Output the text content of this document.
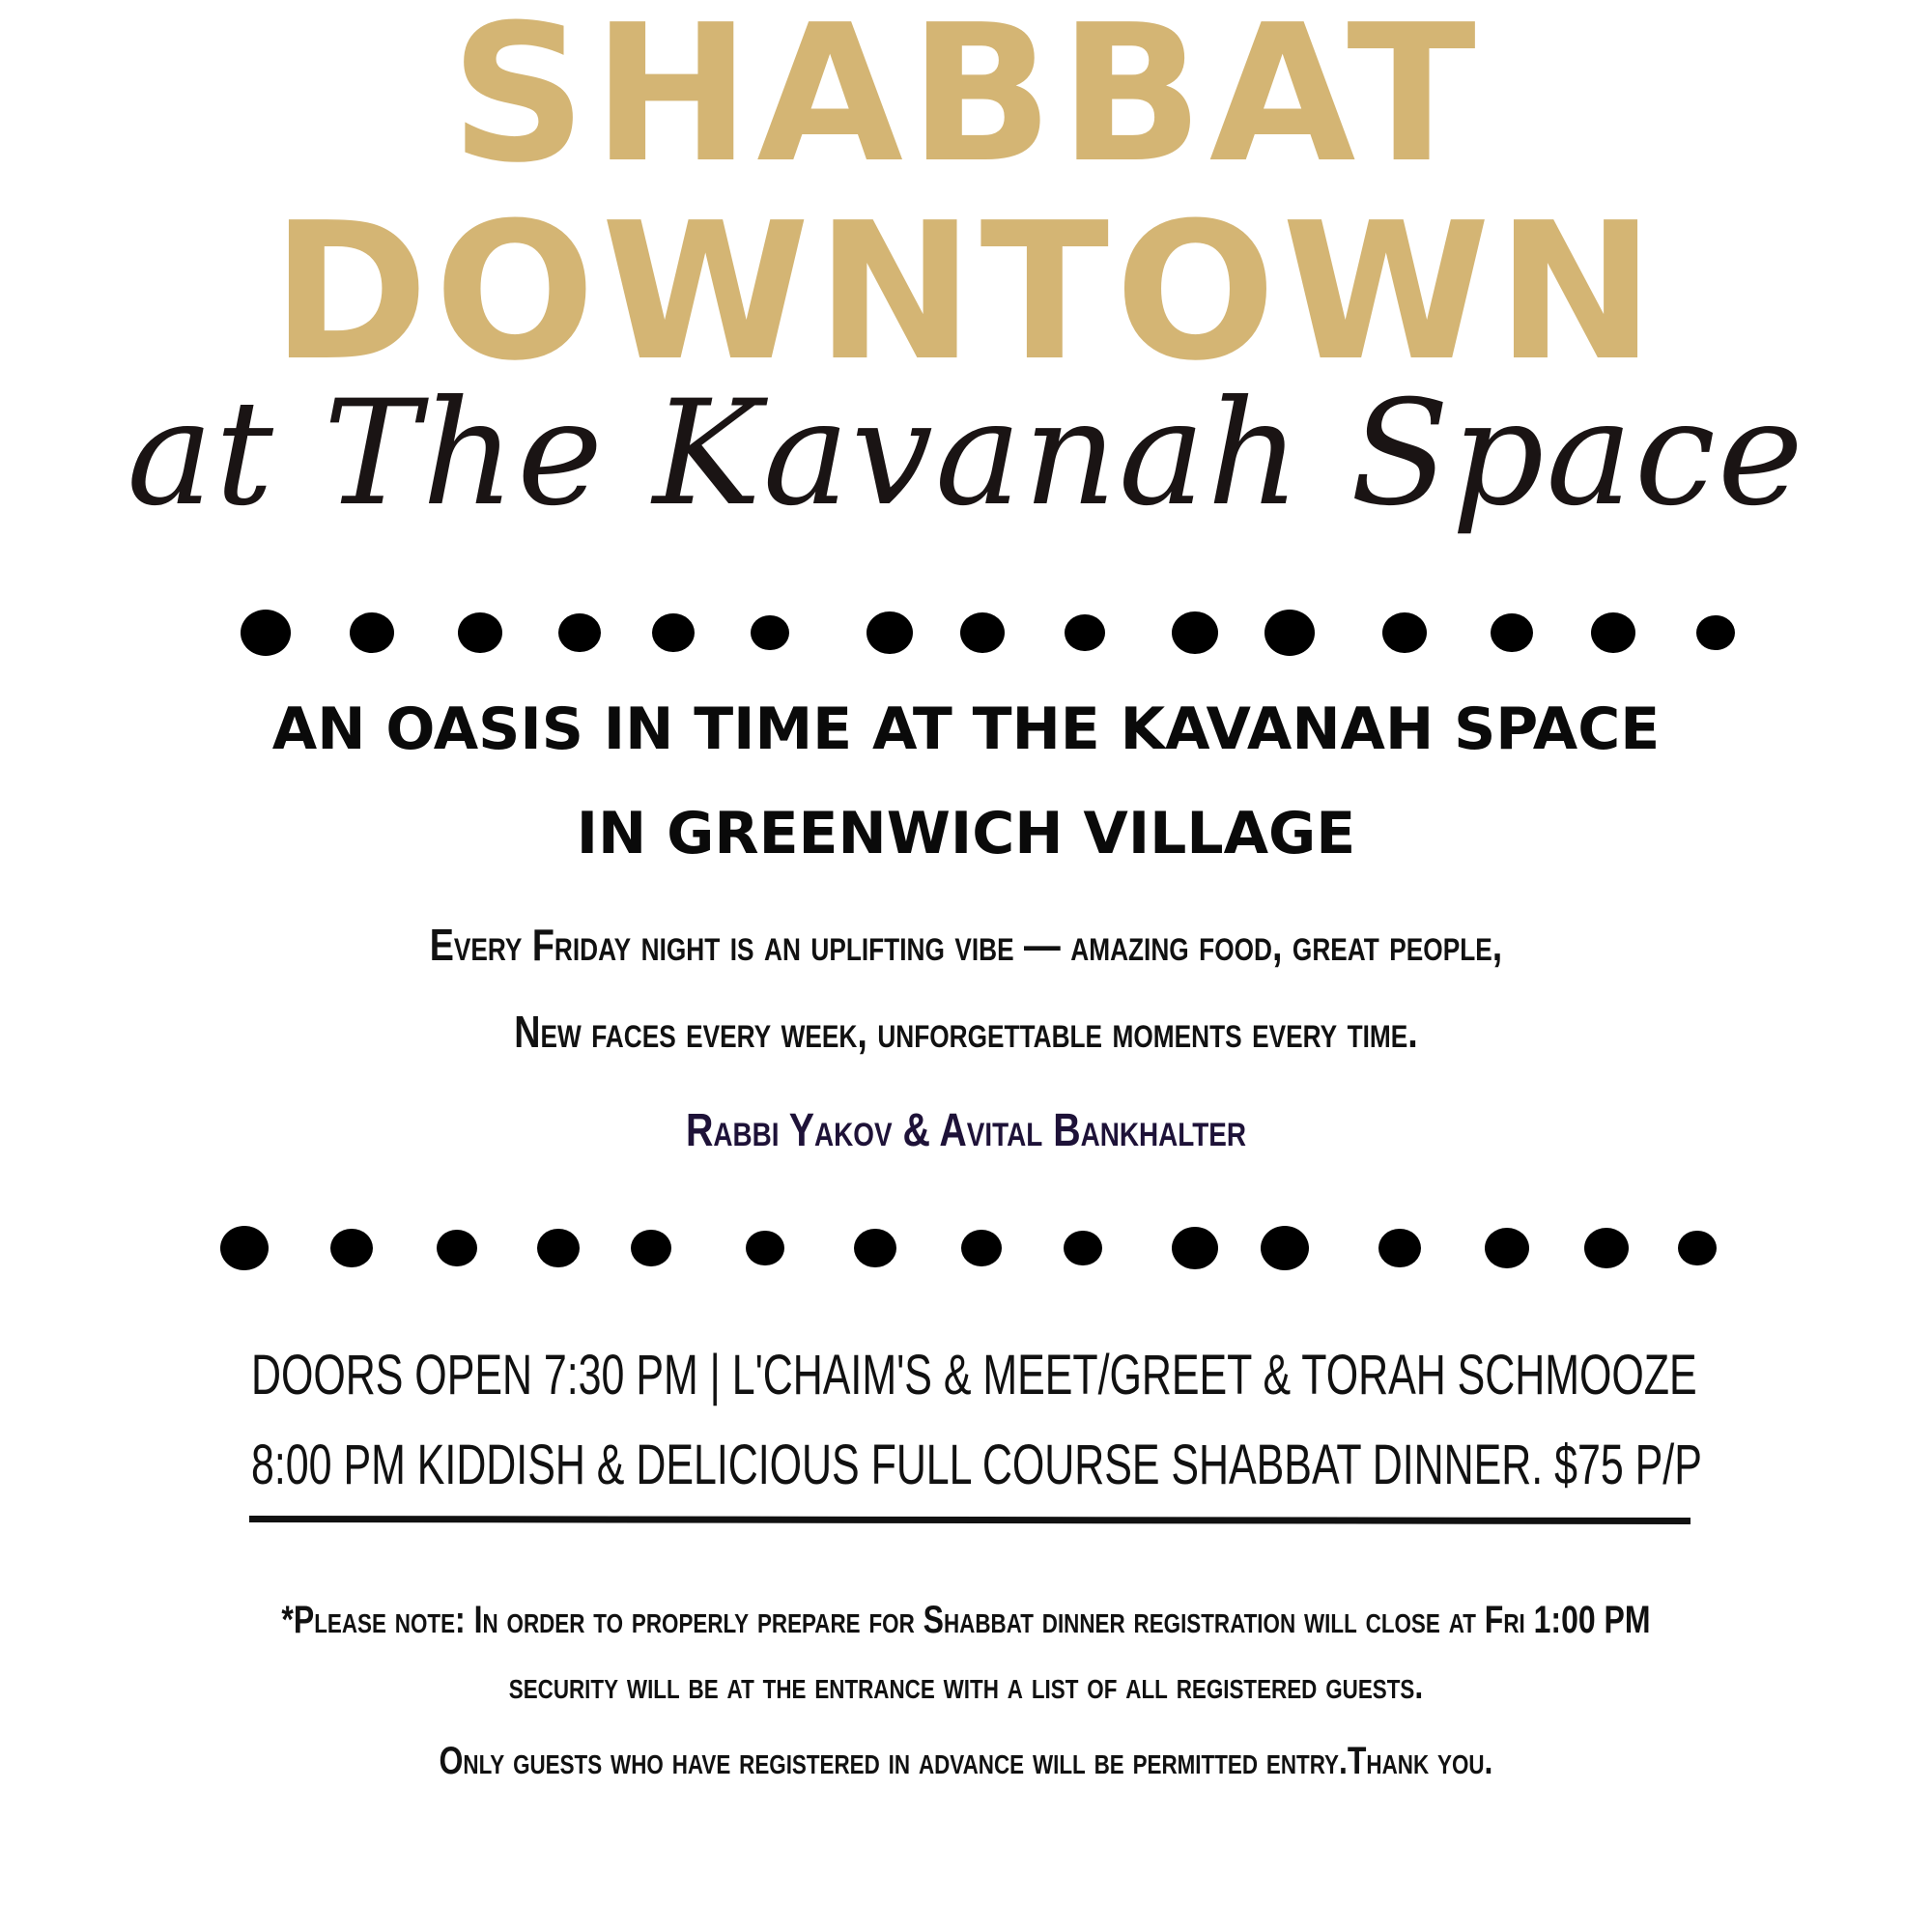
SHABBAT
DOWNTOWN
at The Kavanah Space
AN OASIS IN TIME AT THE KAVANAH SPACE
IN GREENWICH VILLAGE
Every Friday night is an uplifting vibe — amazing food, great people,
New faces every week, unforgettable moments every time.
Rabbi Yakov & Avital Bankhalter
DOORS OPEN 7:30 PM | L'CHAIM'S & MEET/GREET & TORAH SCHMOOZE
8:00 PM KIDDISH & DELICIOUS FULL COURSE SHABBAT DINNER. $75 P/P
*Please note: In order to properly prepare for Shabbat dinner registration will close at Fri 1:00 PM
security will be at the entrance with a list of all registered guests.
Only guests who have registered in advance will be permitted entry.Thank you.
